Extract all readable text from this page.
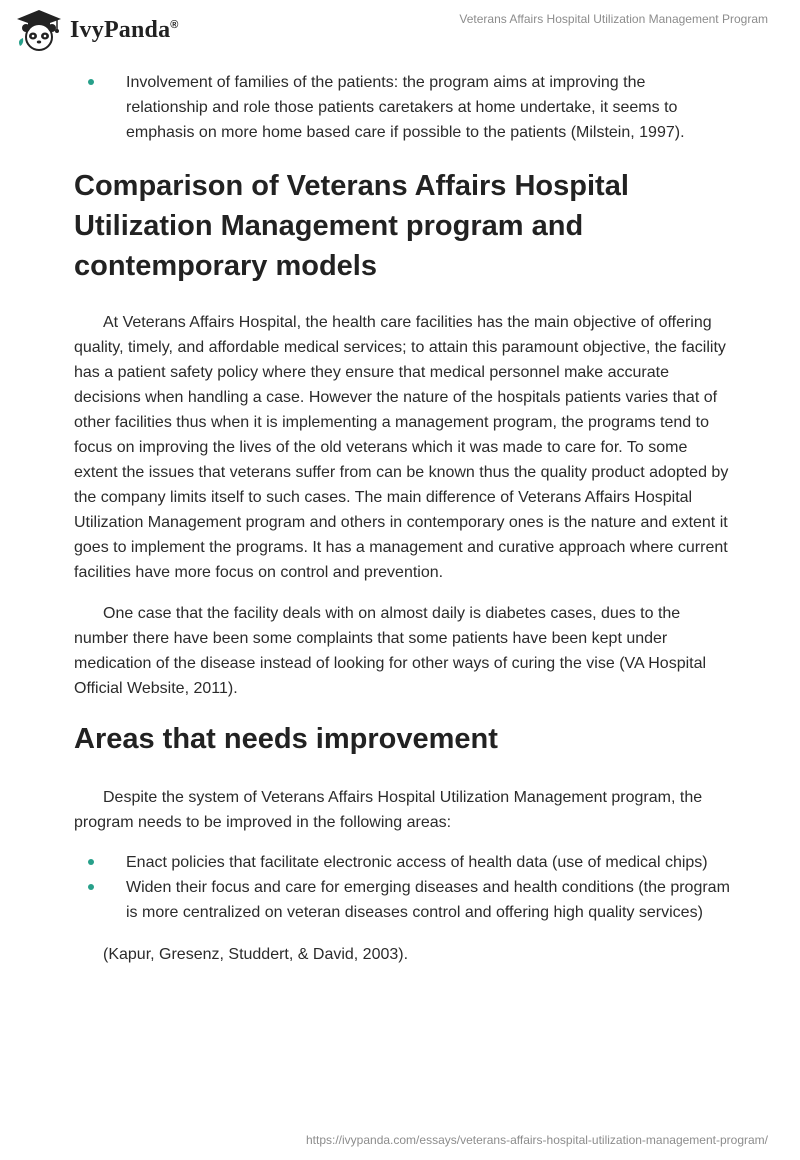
IvyPanda®	Veterans Affairs Hospital Utilization Management Program
Involvement of families of the patients: the program aims at improving the relationship and role those patients caretakers at home undertake, it seems to emphasis on more home based care if possible to the patients (Milstein, 1997).
Comparison of Veterans Affairs Hospital Utilization Management program and contemporary models

At Veterans Affairs Hospital, the health care facilities has the main objective of offering quality, timely, and affordable medical services; to attain this paramount objective, the facility has a patient safety policy where they ensure that medical personnel make accurate decisions when handling a case. However the nature of the hospitals patients varies that of other facilities thus when it is implementing a management program, the programs tend to focus on improving the lives of the old veterans which it was made to care for. To some extent the issues that veterans suffer from can be known thus the quality product adopted by the company limits itself to such cases. The main difference of Veterans Affairs Hospital Utilization Management program and others in contemporary ones is the nature and extent it goes to implement the programs. It has a management and curative approach where current facilities have more focus on control and prevention.

One case that the facility deals with on almost daily is diabetes cases, dues to the number there have been some complaints that some patients have been kept under medication of the disease instead of looking for other ways of curing the vise (VA Hospital Official Website, 2011).

Areas that needs improvement

Despite the system of Veterans Affairs Hospital Utilization Management program, the program needs to be improved in the following areas:

Enact policies that facilitate electronic access of health data (use of medical chips)
Widen their focus and care for emerging diseases and health conditions (the program is more centralized on veteran diseases control and offering high quality services)
(Kapur, Gresenz, Studdert, & David, 2003).
https://ivypanda.com/essays/veterans-affairs-hospital-utilization-management-program/
